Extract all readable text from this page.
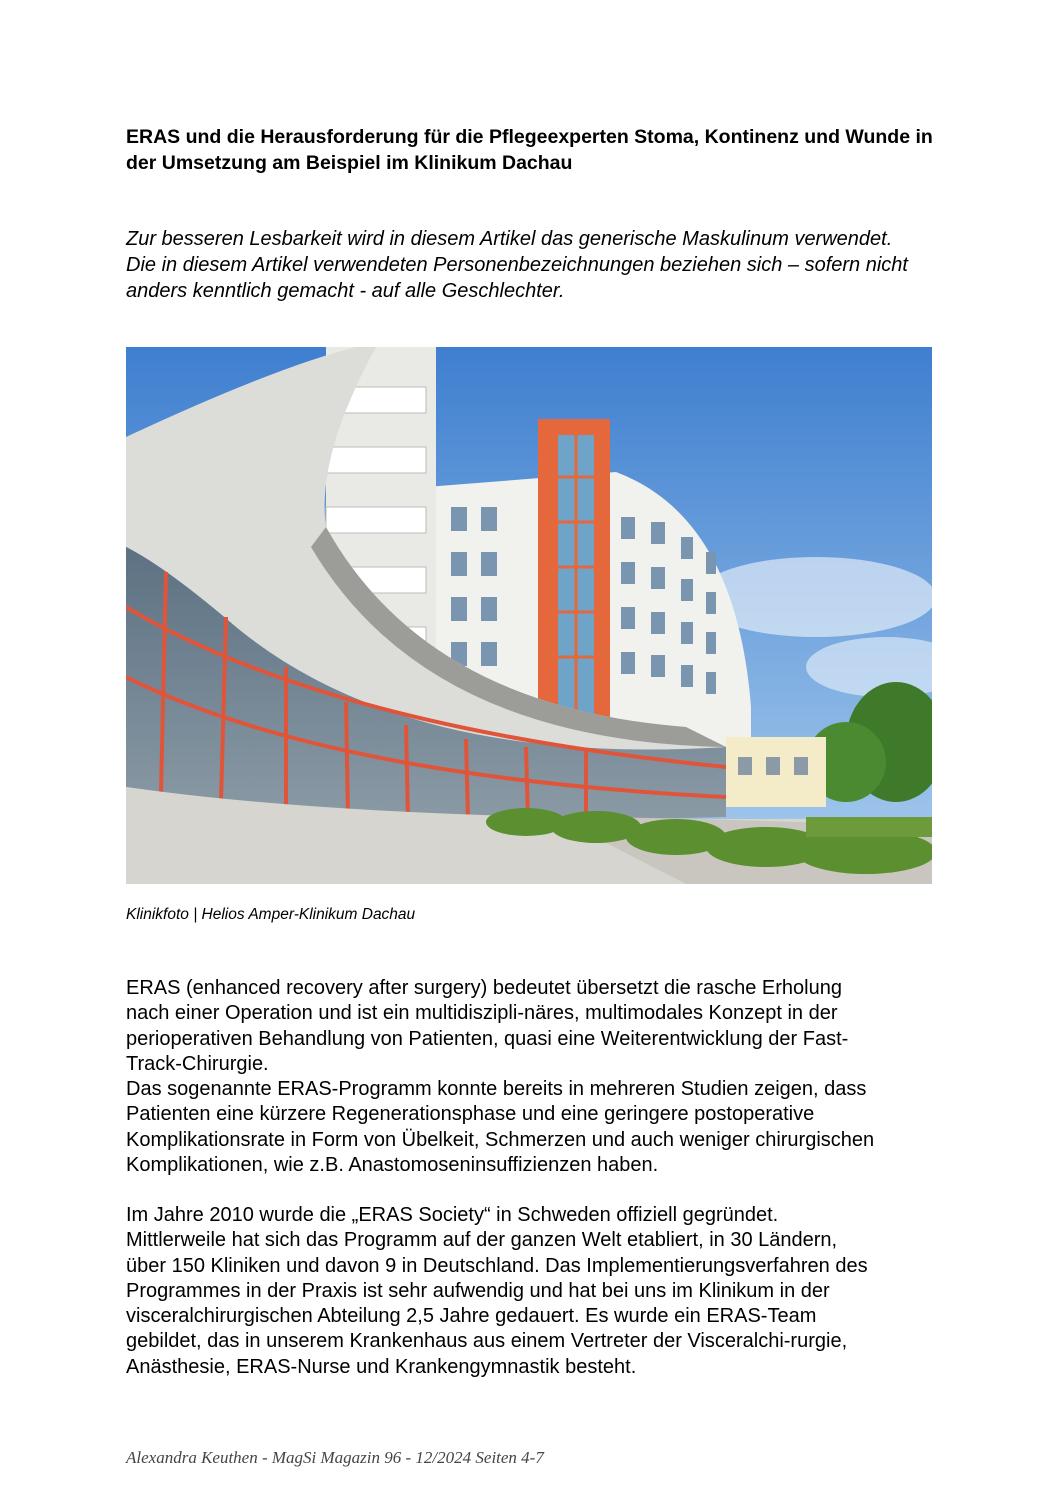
ERAS und die Herausforderung für die Pflegeexperten Stoma, Kontinenz und Wunde in der Umsetzung am Beispiel im Klinikum Dachau

Zur besseren Lesbarkeit wird in diesem Artikel das generische Maskulinum verwendet. Die in diesem Artikel verwendeten Personenbezeichnungen beziehen sich – sofern nicht anders kenntlich gemacht - auf alle Geschlechter.

Klinikfoto | Helios Amper-Klinikum Dachau

ERAS (enhanced recovery after surgery) bedeutet übersetzt die rasche Erholung
nach einer Operation und ist ein multidiszipli-näres, multimodales Konzept in der
perioperativen Behandlung von Patienten, quasi eine Weiterentwicklung der Fast-
Track-Chirurgie.
Das sogenannte ERAS-Programm konnte bereits in mehreren Studien zeigen, dass
Patienten eine kürzere Regenerationsphase und eine geringere postoperative
Komplikationsrate in Form von Übelkeit, Schmerzen und auch weniger chirurgischen
Komplikationen, wie z.B. Anastomoseninsuffizienzen haben.
Im Jahre 2010 wurde die „ERAS Society“ in Schweden offiziell gegründet.
Mittlerweile hat sich das Programm auf der ganzen Welt etabliert, in 30 Ländern,
über 150 Kliniken und davon 9 in Deutschland. Das Implementierungsverfahren des
Programmes in der Praxis ist sehr aufwendig und hat bei uns im Klinikum in der
visceralchirurgischen Abteilung 2,5 Jahre gedauert. Es wurde ein ERAS-Team
gebildet, das in unserem Krankenhaus aus einem Vertreter der Visceralchi-rurgie,
Anästhesie, ERAS-Nurse und Krankengymnastik besteht.

Alexandra Keuthen - MagSi Magazin 96 - 12/2024 Seiten 4-7
